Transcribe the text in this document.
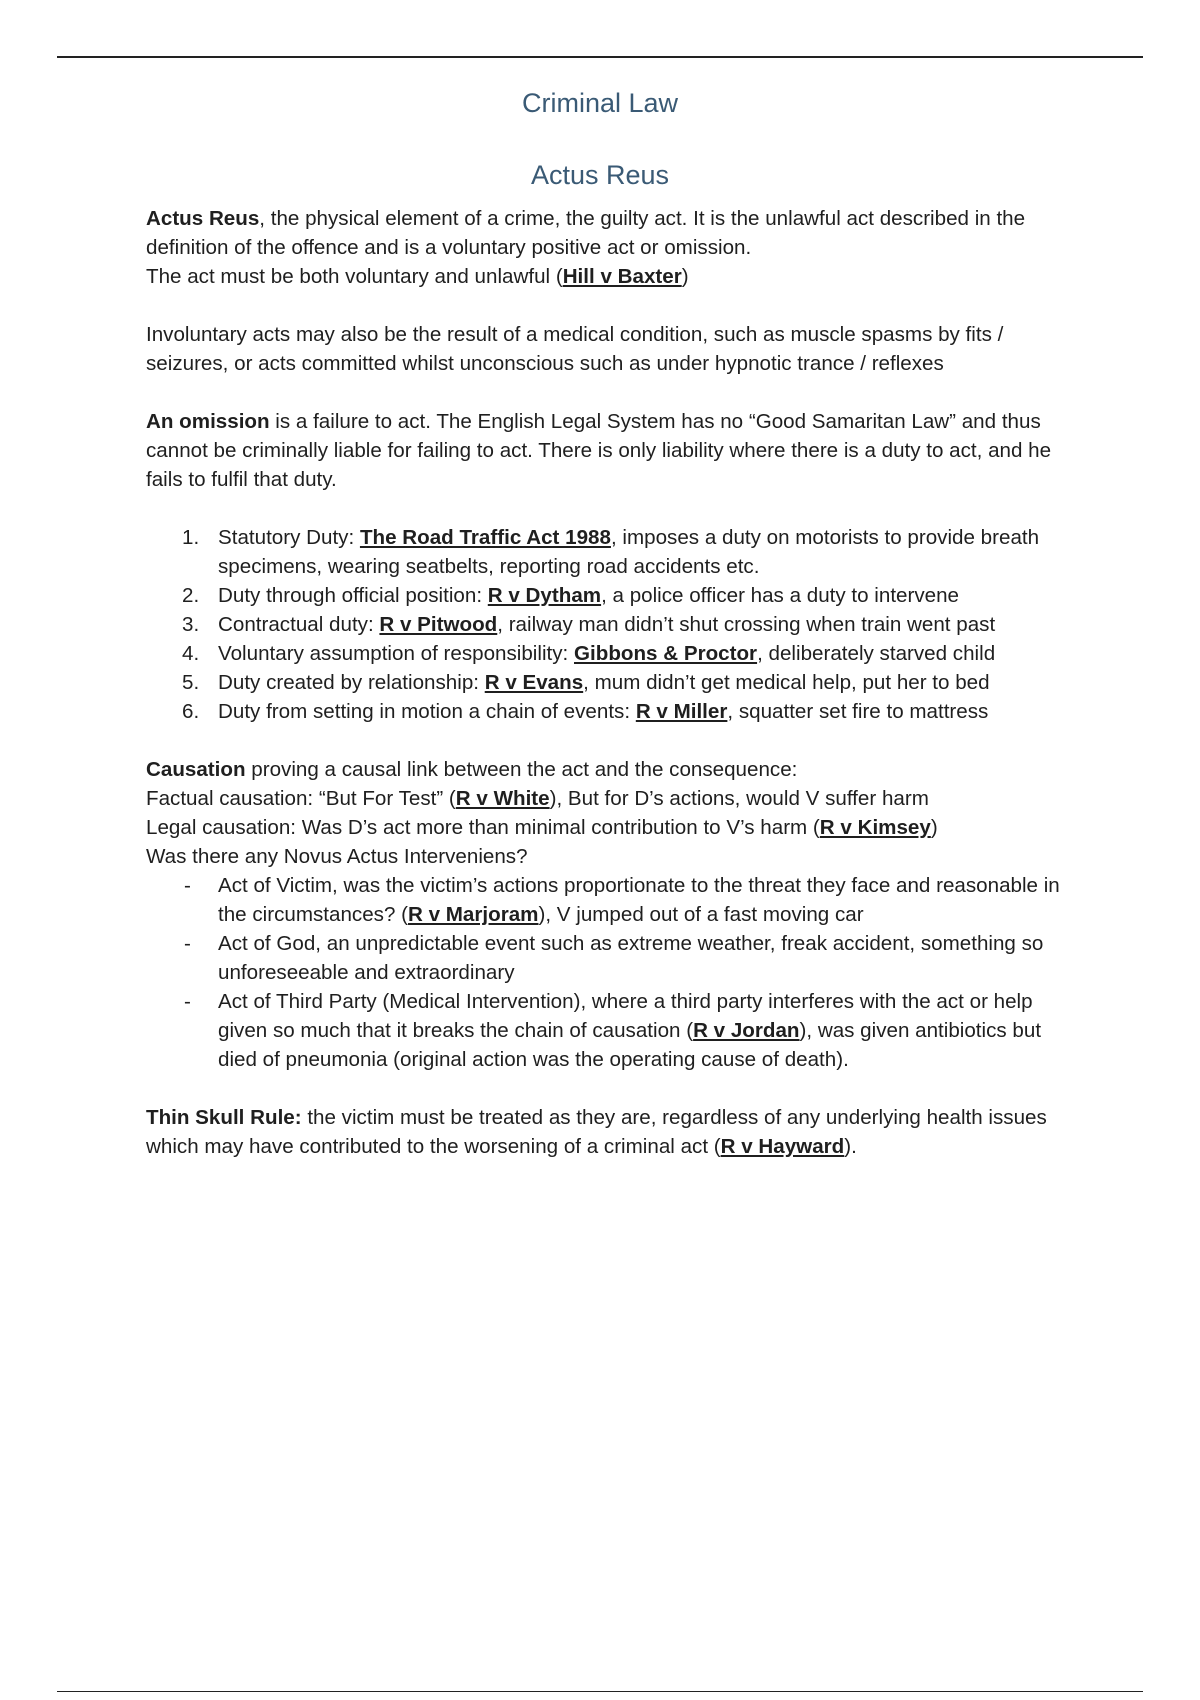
Criminal Law
Actus Reus

Actus Reus, the physical element of a crime, the guilty act. It is the unlawful act described in the definition of the offence and is a voluntary positive act or omission.

The act must be both voluntary and unlawful (Hill v Baxter)

Involuntary acts may also be the result of a medical condition, such as muscle spasms by fits / seizures, or acts committed whilst unconscious such as under hypnotic trance / reflexes

An omission is a failure to act. The English Legal System has no “Good Samaritan Law” and thus cannot be criminally liable for failing to act. There is only liability where there is a duty to act, and he fails to fulfil that duty.

1. Statutory Duty: The Road Traffic Act 1988, imposes a duty on motorists to provide breath specimens, wearing seatbelts, reporting road accidents etc.
2. Duty through official position: R v Dytham, a police officer has a duty to intervene
3. Contractual duty: R v Pitwood, railway man didn’t shut crossing when train went past
4. Voluntary assumption of responsibility: Gibbons & Proctor, deliberately starved child
5. Duty created by relationship: R v Evans, mum didn’t get medical help, put her to bed
6. Duty from setting in motion a chain of events: R v Miller, squatter set fire to mattress

Causation proving a causal link between the act and the consequence:

Factual causation: “But For Test” (R v White), But for D’s actions, would V suffer harm

Legal causation: Was D’s act more than minimal contribution to V’s harm (R v Kimsey)

Was there any Novus Actus Interveniens?

- Act of Victim, was the victim’s actions proportionate to the threat they face and reasonable in the circumstances? (R v Marjoram), V jumped out of a fast moving car
- Act of God, an unpredictable event such as extreme weather, freak accident, something so unforeseeable and extraordinary
- Act of Third Party (Medical Intervention), where a third party interferes with the act or help given so much that it breaks the chain of causation (R v Jordan), was given antibiotics but died of pneumonia (original action was the operating cause of death).

Thin Skull Rule: the victim must be treated as they are, regardless of any underlying health issues which may have contributed to the worsening of a criminal act (R v Hayward).
